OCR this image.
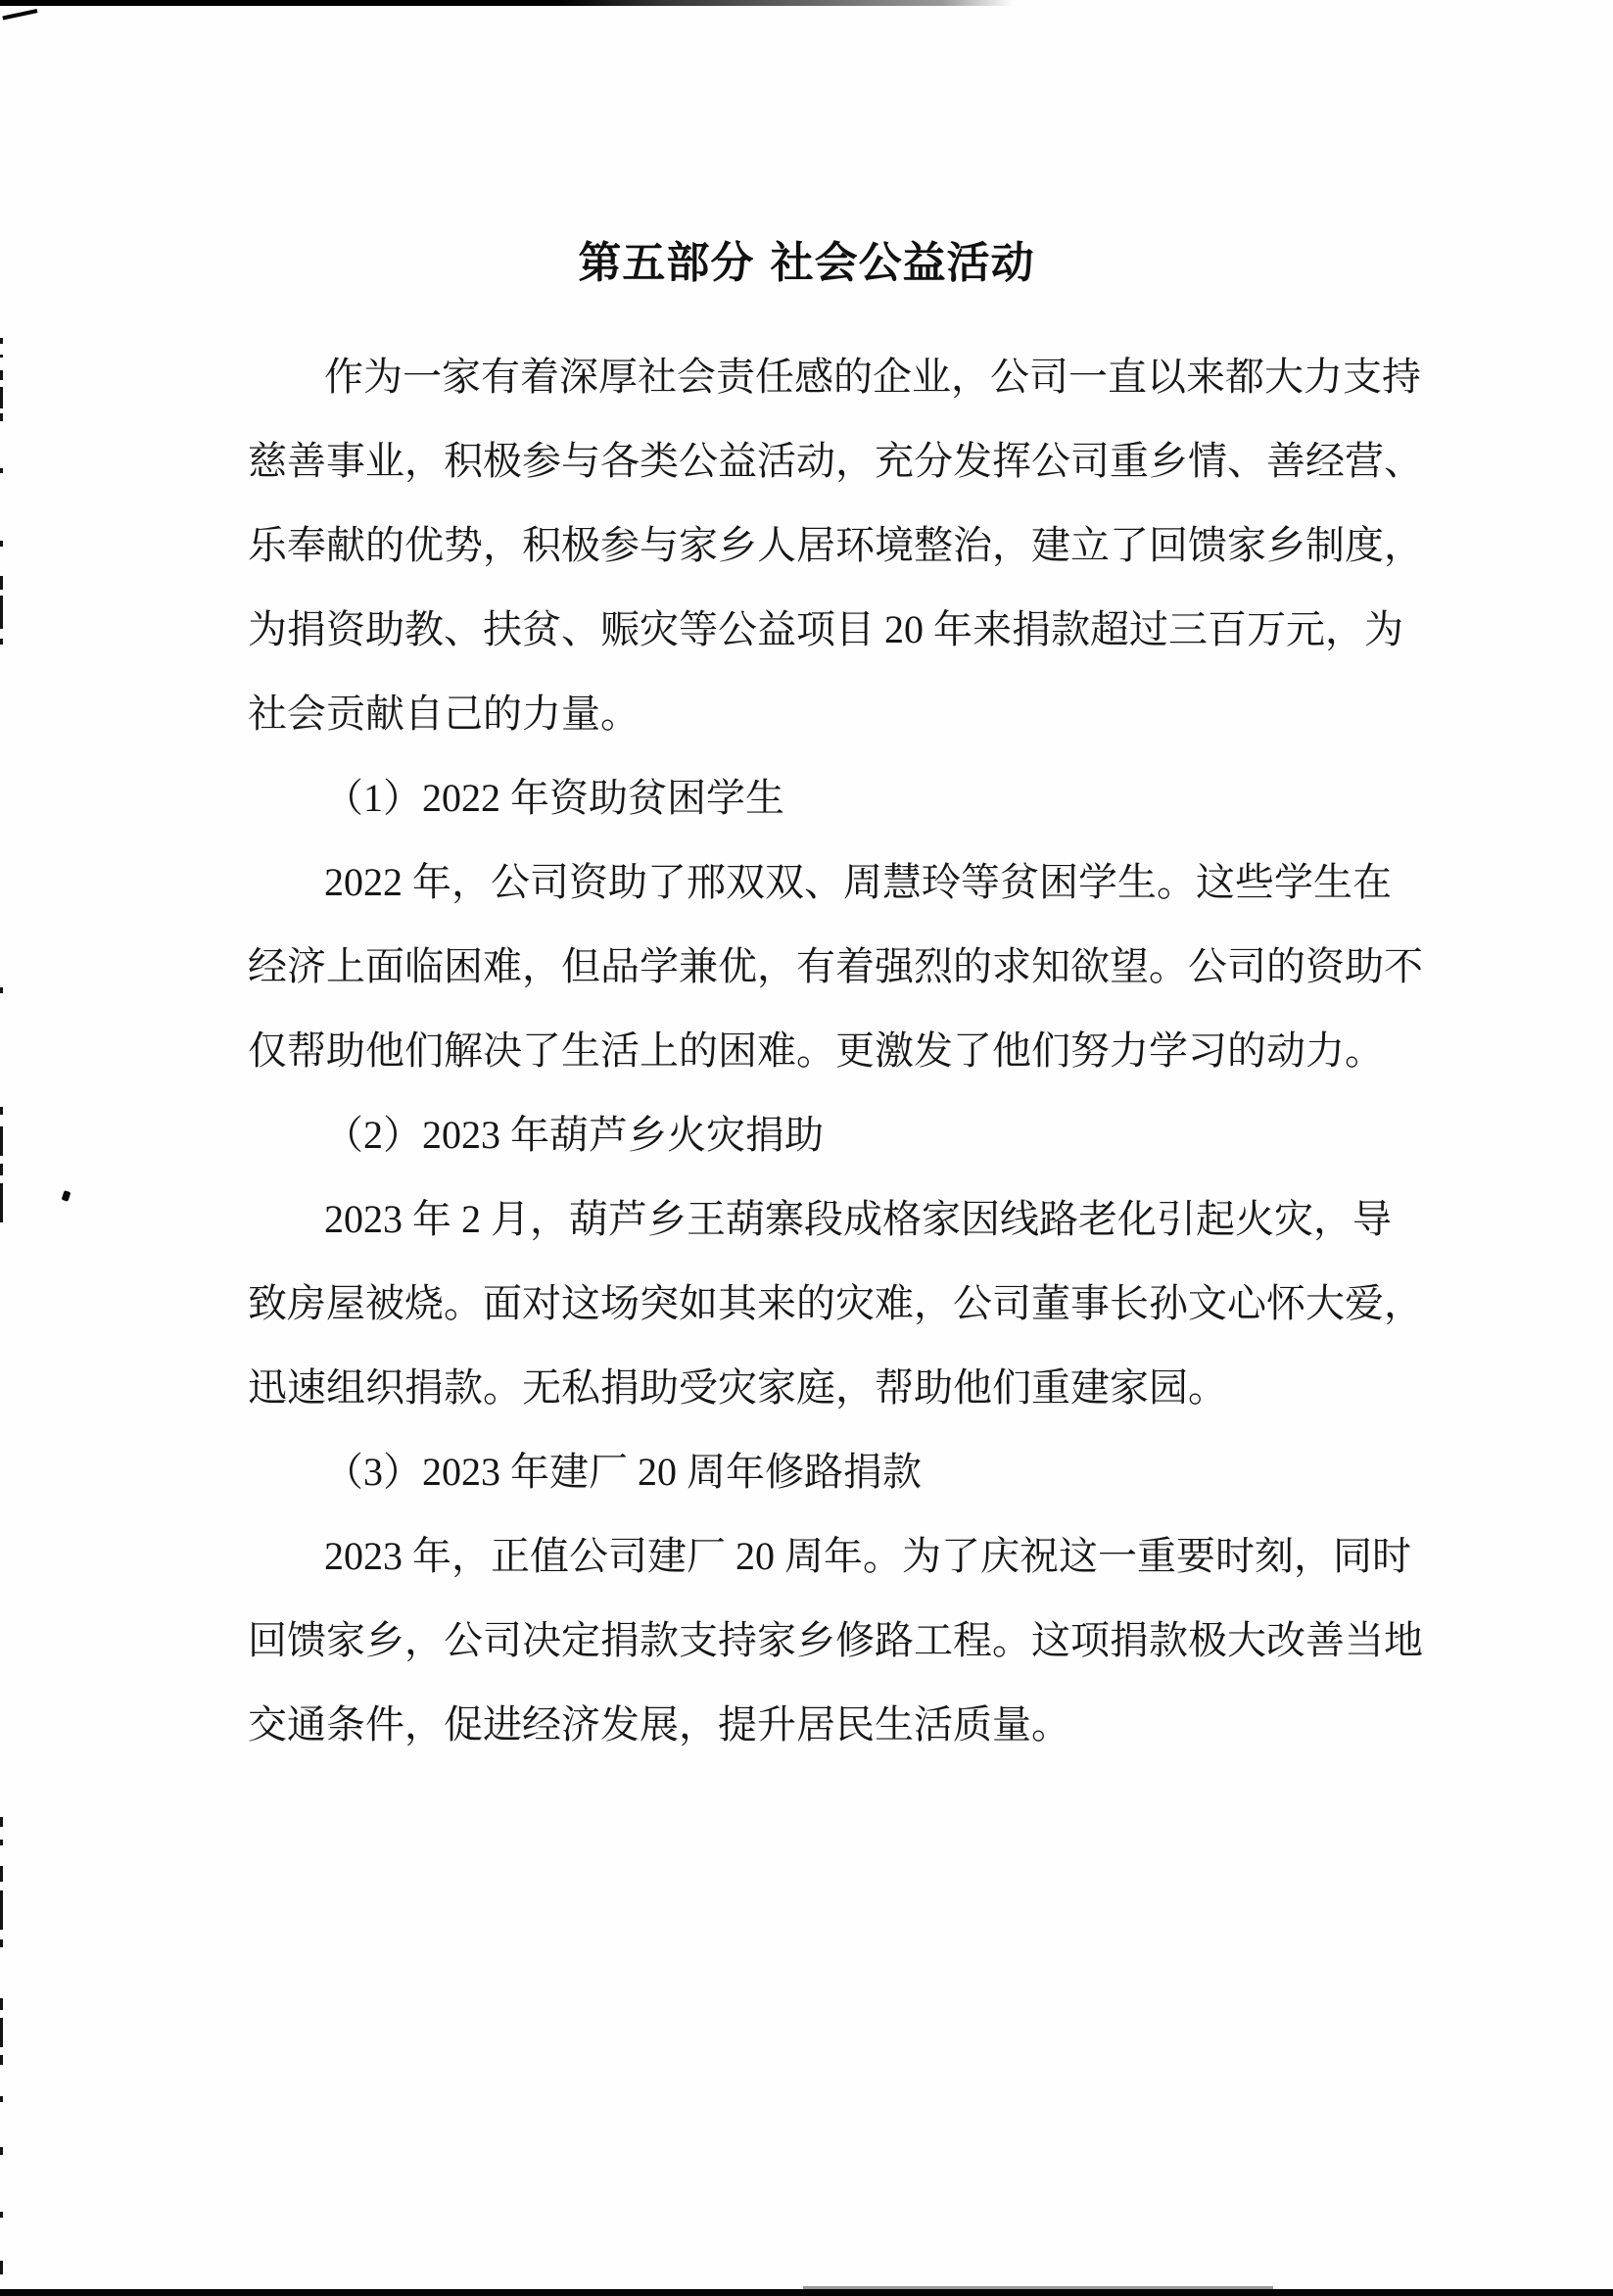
第五部分 社会公益活动
作为一家有着深厚社会责任感的企业，公司一直以来都大力支持
慈善事业，积极参与各类公益活动，充分发挥公司重乡情、善经营、
乐奉献的优势，积极参与家乡人居环境整治，建立了回馈家乡制度，
为捐资助教、扶贫、赈灾等公益项目 20 年来捐款超过三百万元，为
社会贡献自己的力量。
（1）2022 年资助贫困学生
2022 年，公司资助了邢双双、周慧玲等贫困学生。这些学生在
经济上面临困难，但品学兼优，有着强烈的求知欲望。公司的资助不
仅帮助他们解决了生活上的困难。更激发了他们努力学习的动力。
（2）2023 年葫芦乡火灾捐助
2023 年 2 月，葫芦乡王葫寨段成格家因线路老化引起火灾，导
致房屋被烧。面对这场突如其来的灾难，公司董事长孙文心怀大爱，
迅速组织捐款。无私捐助受灾家庭，帮助他们重建家园。
（3）2023 年建厂 20 周年修路捐款
2023 年，正值公司建厂 20 周年。为了庆祝这一重要时刻，同时
回馈家乡，公司决定捐款支持家乡修路工程。这项捐款极大改善当地
交通条件，促进经济发展，提升居民生活质量。
